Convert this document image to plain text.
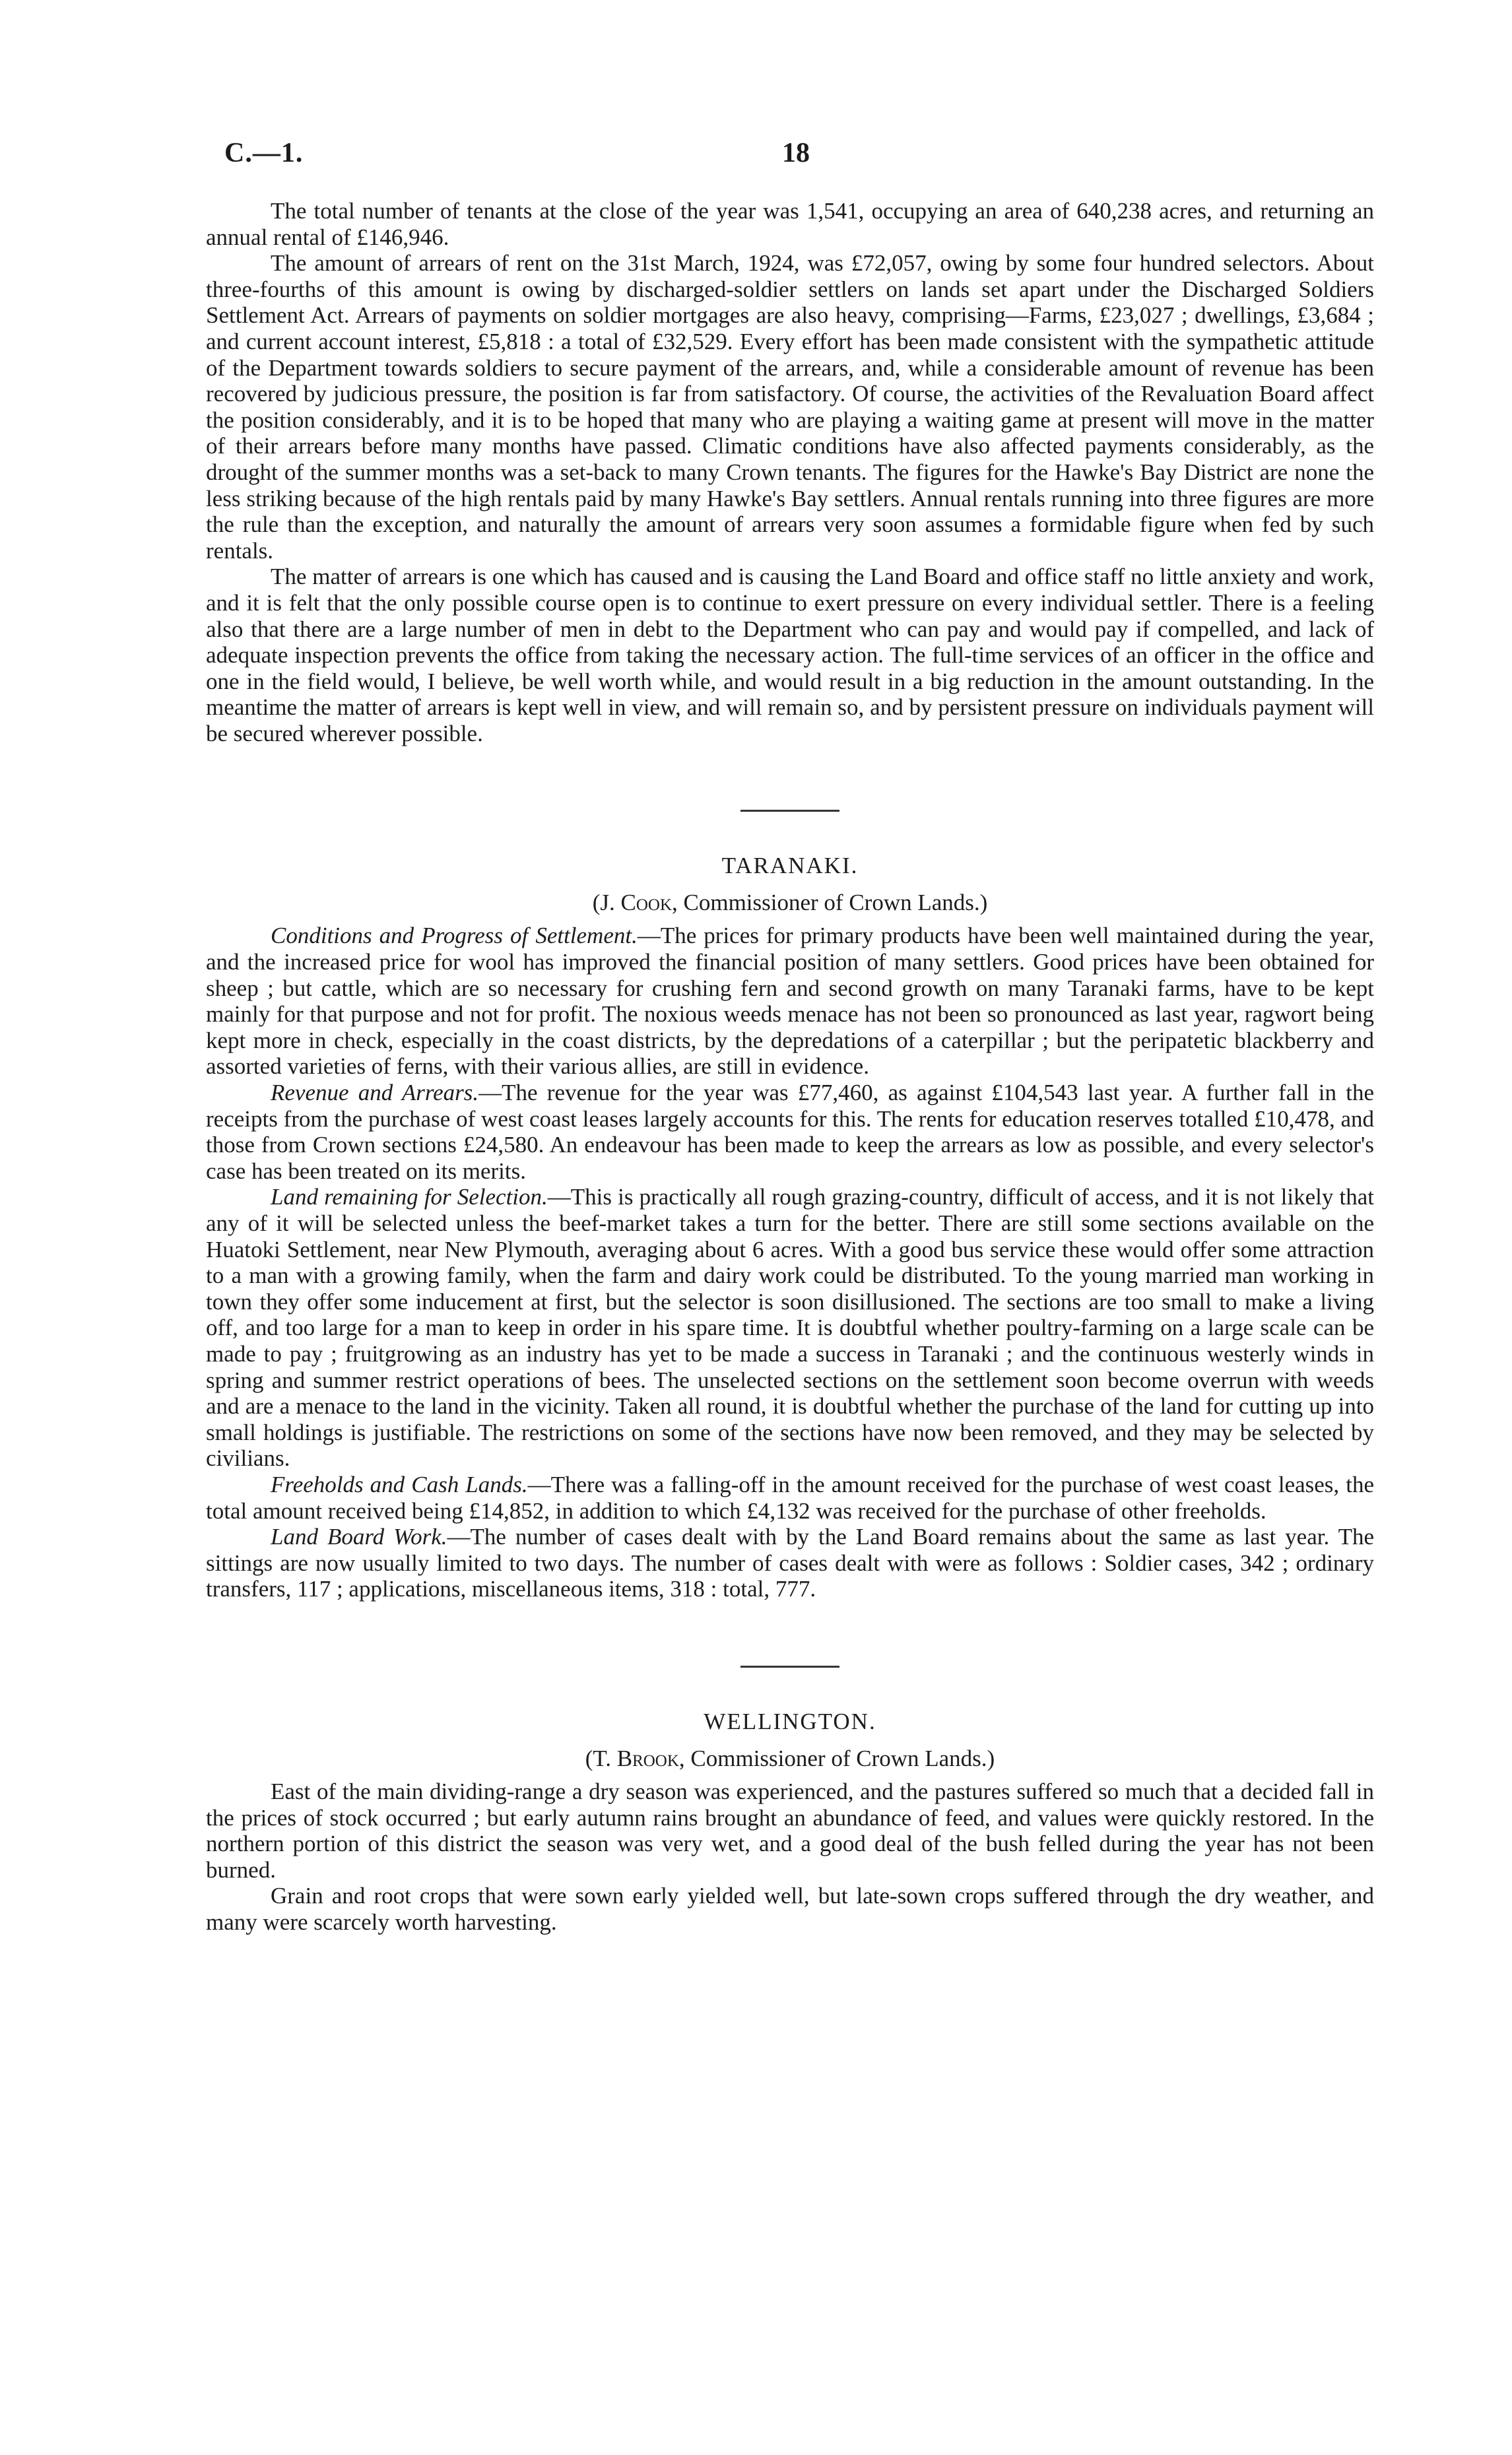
C.—1.	18

The total number of tenants at the close of the year was 1,541, occupying an area of 640,238 acres, and returning an annual rental of £146,946.

The amount of arrears of rent on the 31st March, 1924, was £72,057, owing by some four hundred selectors. About three-fourths of this amount is owing by discharged-soldier settlers on lands set apart under the Discharged Soldiers Settlement Act. Arrears of payments on soldier mortgages are also heavy, comprising—Farms, £23,027 ; dwellings, £3,684 ; and current account interest, £5,818 : a total of £32,529. Every effort has been made consistent with the sympathetic attitude of the Department towards soldiers to secure payment of the arrears, and, while a considerable amount of revenue has been recovered by judicious pressure, the position is far from satisfactory. Of course, the activities of the Revaluation Board affect the position considerably, and it is to be hoped that many who are playing a waiting game at present will move in the matter of their arrears before many months have passed. Climatic conditions have also affected payments considerably, as the drought of the summer months was a set-back to many Crown tenants. The figures for the Hawke's Bay District are none the less striking because of the high rentals paid by many Hawke's Bay settlers. Annual rentals running into three figures are more the rule than the exception, and naturally the amount of arrears very soon assumes a formidable figure when fed by such rentals.

The matter of arrears is one which has caused and is causing the Land Board and office staff no little anxiety and work, and it is felt that the only possible course open is to continue to exert pressure on every individual settler. There is a feeling also that there are a large number of men in debt to the Department who can pay and would pay if compelled, and lack of adequate inspection prevents the office from taking the necessary action. The full-time services of an officer in the office and one in the field would, I believe, be well worth while, and would result in a big reduction in the amount outstanding. In the meantime the matter of arrears is kept well in view, and will remain so, and by persistent pressure on individuals payment will be secured wherever possible.

TARANAKI.
(J. Cook, Commissioner of Crown Lands.)

Conditions and Progress of Settlement.—The prices for primary products have been well maintained during the year, and the increased price for wool has improved the financial position of many settlers. Good prices have been obtained for sheep ; but cattle, which are so necessary for crushing fern and second growth on many Taranaki farms, have to be kept mainly for that purpose and not for profit. The noxious weeds menace has not been so pronounced as last year, ragwort being kept more in check, especially in the coast districts, by the depredations of a caterpillar ; but the peripatetic blackberry and assorted varieties of ferns, with their various allies, are still in evidence.

Revenue and Arrears.—The revenue for the year was £77,460, as against £104,543 last year. A further fall in the receipts from the purchase of west coast leases largely accounts for this. The rents for education reserves totalled £10,478, and those from Crown sections £24,580. An endeavour has been made to keep the arrears as low as possible, and every selector's case has been treated on its merits.

Land remaining for Selection.—This is practically all rough grazing-country, difficult of access, and it is not likely that any of it will be selected unless the beef-market takes a turn for the better. There are still some sections available on the Huatoki Settlement, near New Plymouth, averaging about 6 acres. With a good bus service these would offer some attraction to a man with a growing family, when the farm and dairy work could be distributed. To the young married man working in town they offer some inducement at first, but the selector is soon disillusioned. The sections are too small to make a living off, and too large for a man to keep in order in his spare time. It is doubtful whether poultry-farming on a large scale can be made to pay ; fruitgrowing as an industry has yet to be made a success in Taranaki ; and the continuous westerly winds in spring and summer restrict operations of bees. The unselected sections on the settlement soon become overrun with weeds and are a menace to the land in the vicinity. Taken all round, it is doubtful whether the purchase of the land for cutting up into small holdings is justifiable. The restrictions on some of the sections have now been removed, and they may be selected by civilians.

Freeholds and Cash Lands.—There was a falling-off in the amount received for the purchase of west coast leases, the total amount received being £14,852, in addition to which £4,132 was received for the purchase of other freeholds.

Land Board Work.—The number of cases dealt with by the Land Board remains about the same as last year. The sittings are now usually limited to two days. The number of cases dealt with were as follows : Soldier cases, 342 ; ordinary transfers, 117 ; applications, miscellaneous items, 318 : total, 777.

WELLINGTON.
(T. Brook, Commissioner of Crown Lands.)

East of the main dividing-range a dry season was experienced, and the pastures suffered so much that a decided fall in the prices of stock occurred ; but early autumn rains brought an abundance of feed, and values were quickly restored. In the northern portion of this district the season was very wet, and a good deal of the bush felled during the year has not been burned.

Grain and root crops that were sown early yielded well, but late-sown crops suffered through the dry weather, and many were scarcely worth harvesting.
